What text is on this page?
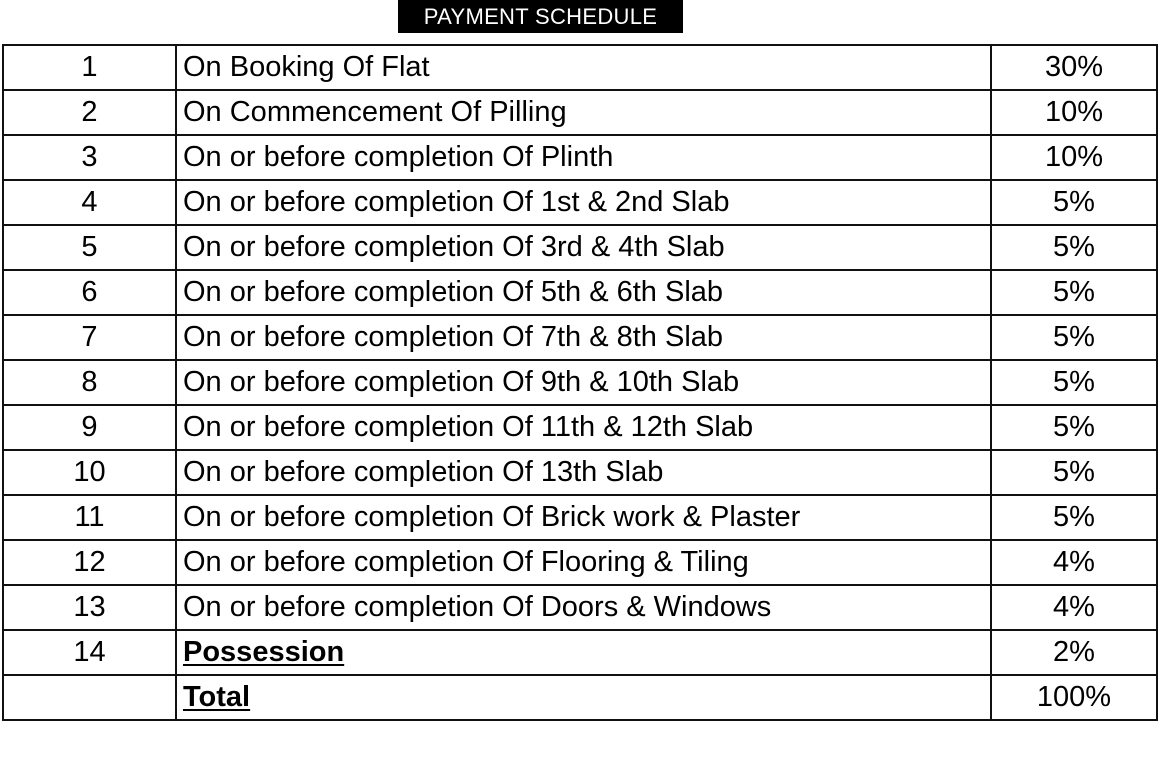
PAYMENT SCHEDULE
1	On Booking Of Flat	30%
2	On Commencement Of Pilling	10%
3	On or before completion Of Plinth	10%
4	On or before completion Of 1st & 2nd Slab	5%
5	On or before completion Of 3rd & 4th Slab	5%
6	On or before completion Of 5th & 6th Slab	5%
7	On or before completion Of 7th & 8th Slab	5%
8	On or before completion Of 9th & 10th Slab	5%
9	On or before completion Of 11th & 12th Slab	5%
10	On or before completion Of 13th Slab	5%
11	On or before completion Of Brick work & Plaster	5%
12	On or before completion Of Flooring & Tiling	4%
13	On or before completion Of Doors & Windows	4%
14	Possession	2%
	Total	100%
